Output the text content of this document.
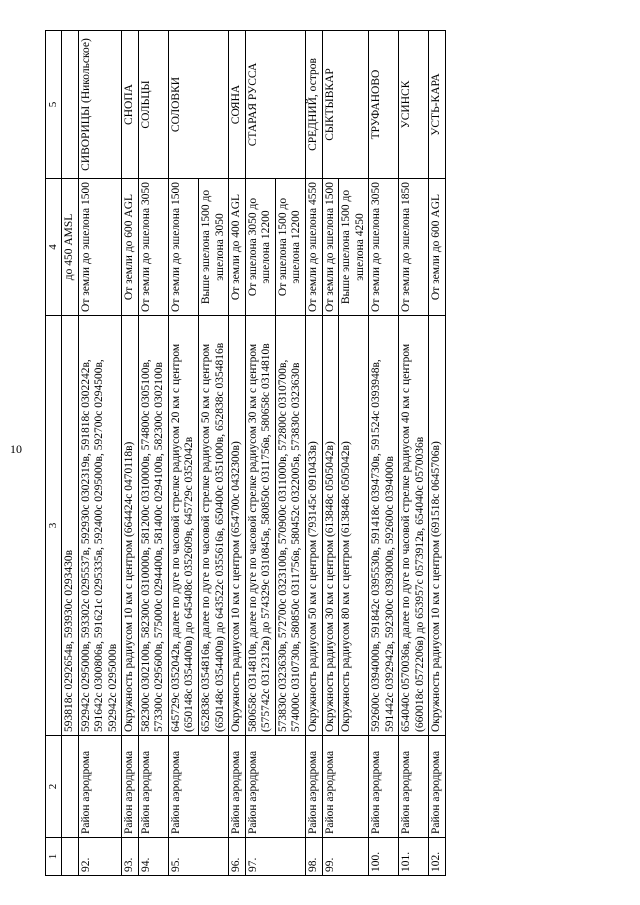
10
1	2	3	4	5
		593818с 0292654в, 593930с 0293430в	до 450 AMSL	
92.	Район аэродрома	592942с 0295000в, 593302с 0295537в, 592930с 0302319в, 591818с 0302242в, 591642с 0300806в, 591621с 0295335в, 592400с 0295000в, 592700с 0294500в, 592942с 0295000в	От земли до эшелона 1500	СИВОРИЦЫ (Никольское)
93.	Район аэродрома	Окружность радиусом 10 км с центром (664424с 0470118в)	От земли до 600 AGL	СНОПА
94.	Район аэродрома	582300с 0302100в, 582300с 0310000в, 581200с 0310000в, 574800с 0305100в, 573300с 0295600в, 575000с 0294400в, 581400с 0294100в, 582300с 0302100в	От земли до эшелона 3050	СОЛЬЦЫ
95.	Район аэродрома	645729с 0352042в, далее по дуге по часовой стрелке радиусом 20 км с центром (650148с 0354400в) до 645408с 0352609в, 645729с 0352042в	От земли до эшелона 1500	СОЛОВКИ
		652838с 0354816в, далее по дуге по часовой стрелке радиусом 50 км с центром (650148с 0354400в) до 643522с 0355616в, 650400с 0351000в, 652838с 0354816в	Выше эшелона 1500 до эшелона 3050	
96.	Район аэродрома	Окружность радиусом 10 км с центром (654700с 0432300в)	От земли до 400 AGL	СОЯНА
97.	Район аэродрома	580658с 0314810в, далее по дуге по часовой стрелке радиусом 30 км с центром (575742с 0312312в) до 574329с 0310845в, 580850с 0311756в, 580658с 0314810в	От эшелона 3050 до эшелона 12200	СТАРАЯ РУССА
		573830с 0323630в, 572700с 0323100в, 570900с 0311000в, 572800с 0310700в, 574000с 0310730в, 580850с 0311756в, 580452с 0322005в, 573830с 0323630в	От эшелона 1500 до эшелона 12200	
98.	Район аэродрома	Окружность радиусом 50 км с центром (793145с 0910433в)	От земли до эшелона 4550	СРЕДНИЙ, остров
99.	Район аэродрома	Окружность радиусом 30 км с центром (613848с 0505042в)	От земли до эшелона 1500	СЫКТЫВКАР
		Окружность радиусом 80 км с центром (613848с 0505042в)	Выше эшелона 1500 до эшелона 4250	
100.	Район аэродрома	592600с 0394000в, 591842с 0395530в, 591418с 0394730в, 591524с 0393948в, 591442с 0392942в, 592300с 0393000в, 592600с 0394000в	От земли до эшелона 3050	ТРУФАНОВО
101.	Район аэродрома	654040с 0570036в, далее по дуге по часовой стрелке радиусом 40 км с центром (660018с 0572206в) до 653957с 0573912в, 654040с 0570036в	От земли до эшелона 1850	УСИНСК
102.	Район аэродрома	Окружность радиусом 10 км с центром (691518с 0645706в)	От земли до 600 AGL	УСТЬ-КАРА
